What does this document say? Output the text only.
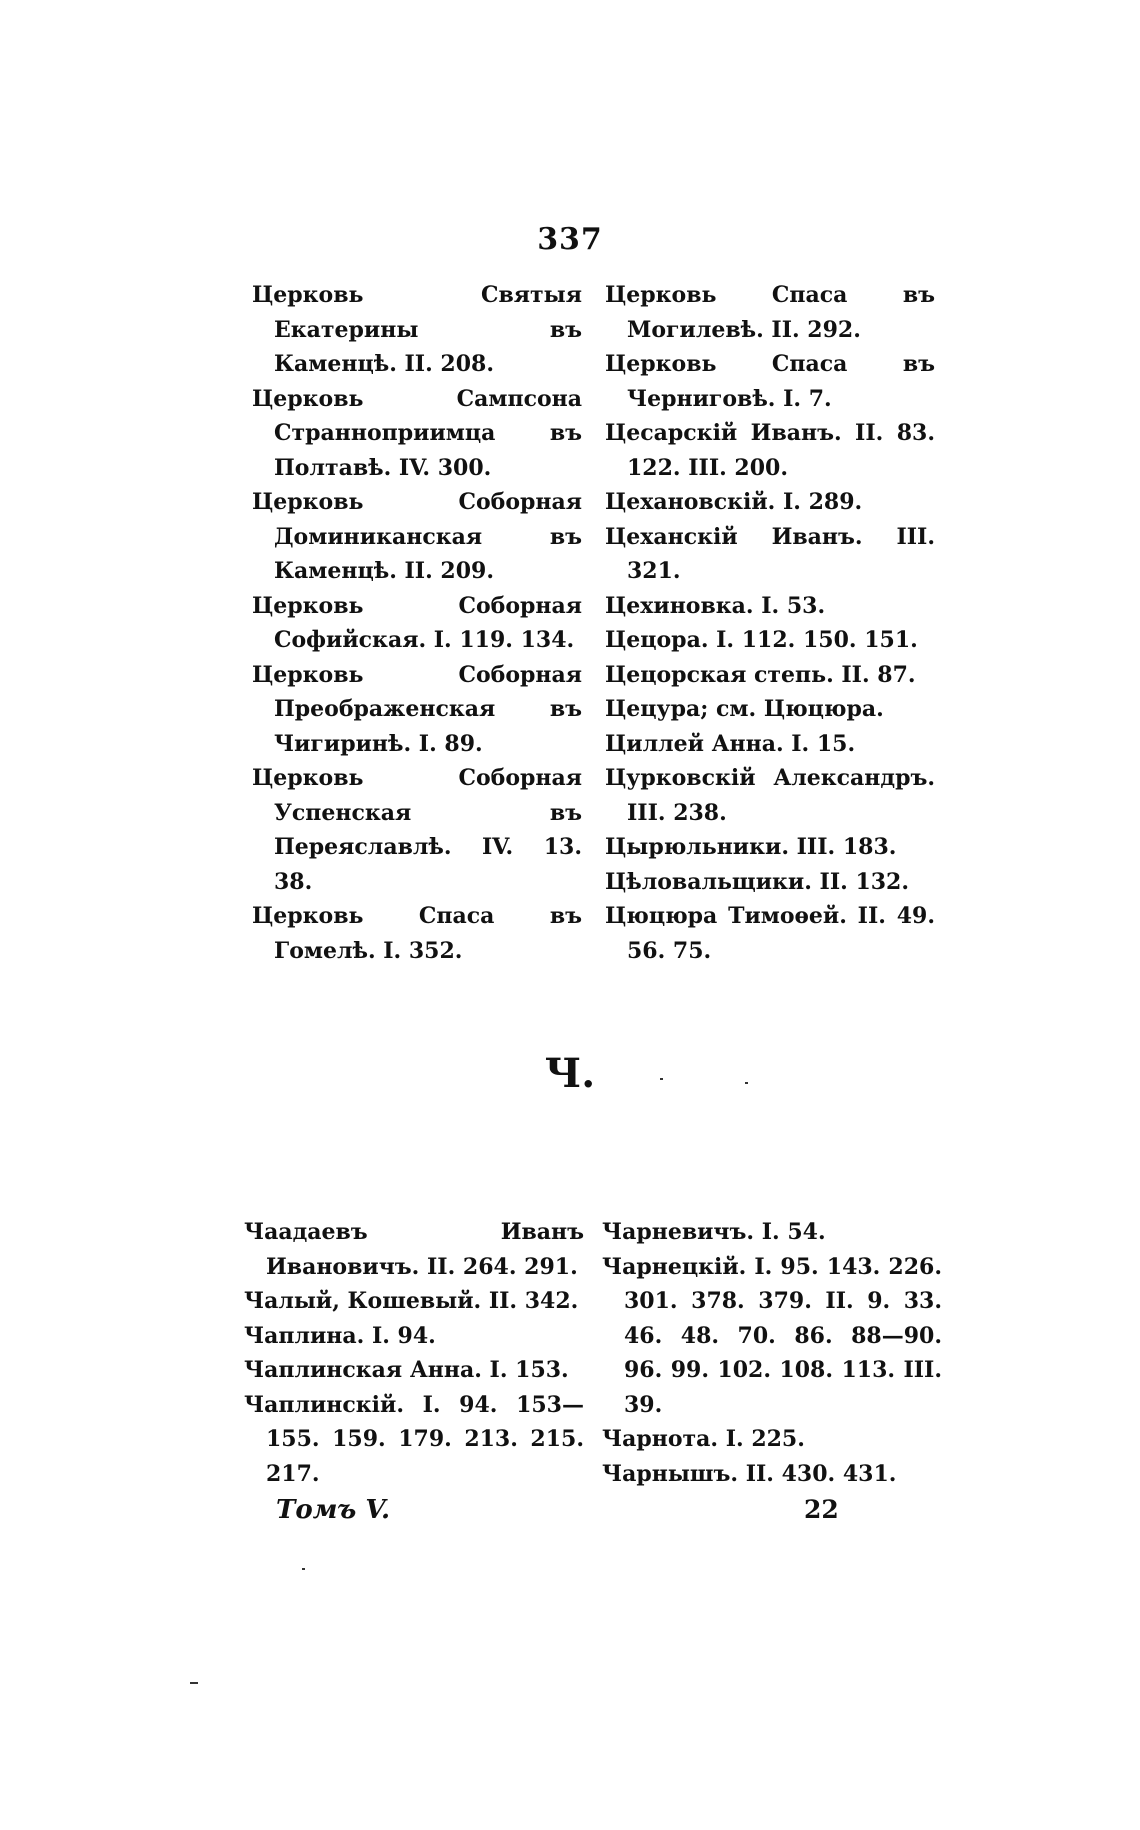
337
Церковь Святыя Екатерины въ Каменцѣ. II. 208.
Церковь Сампсона Странноприимца въ Полтавѣ. IV. 300.
Церковь Соборная Доминиканская въ Каменцѣ. II. 209.
Церковь Соборная Софийская. I. 119. 134.
Церковь Соборная Преображенская въ Чигиринѣ. I. 89.
Церковь Соборная Успенская въ Переяславлѣ. IV. 13. 38.
Церковь Спаса въ Гомелѣ. I. 352.
Церковь Спаса въ Могилевѣ. II. 292.
Церковь Спаса въ Черниговѣ. I. 7.
Цесарскій Иванъ. II. 83. 122. III. 200.
Цехановскій. I. 289.
Цеханскій Иванъ. III. 321.
Цехиновка. I. 53.
Цецора. I. 112. 150. 151.
Цецорская степь. II. 87.
Цецура; см. Цюцюра.
Циллей Анна. I. 15.
Цурковскій Александръ. III. 238.
Цырюльники. III. 183.
Цѣловальщики. II. 132.
Цюцюра Тимоѳей. II. 49. 56. 75.
Ч.
Чаадаевъ Иванъ Ивановичъ. II. 264. 291.
Чалый, Кошевый. II. 342.
Чаплина. I. 94.
Чаплинская Анна. I. 153.
Чаплинскій. I. 94. 153—155. 159. 179. 213. 215. 217.
Чарневичъ. I. 54.
Чарнецкій. I. 95. 143. 226. 301. 378. 379. II. 9. 33. 46. 48. 70. 86. 88—90. 96. 99. 102. 108. 113. III. 39.
Чарнота. I. 225.
Чарнышъ. II. 430. 431.
Томъ V.	22
